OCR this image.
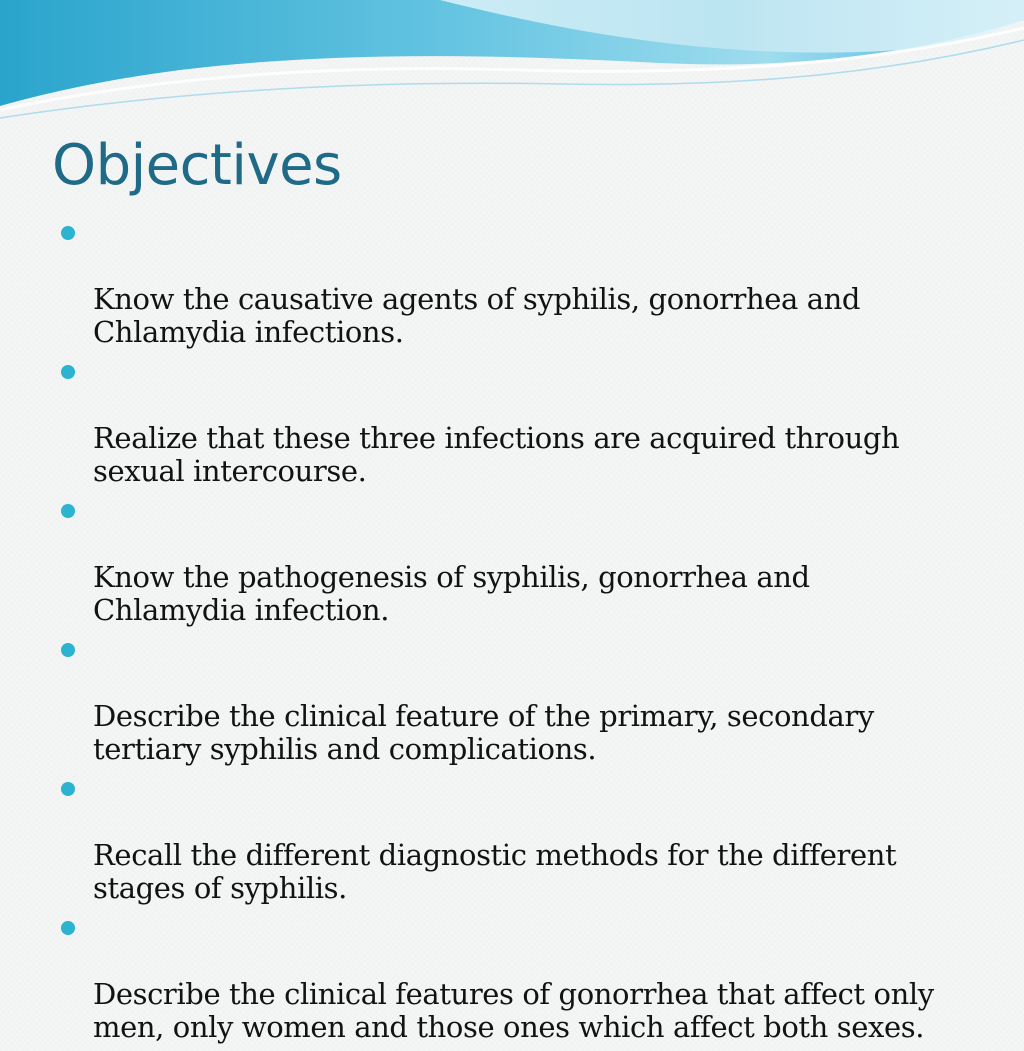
Objectives

Know the causative agents of syphilis, gonorrhea and
Chlamydia infections.

Realize that these three infections are acquired through
sexual intercourse.

Know the pathogenesis of syphilis, gonorrhea and
Chlamydia infection.

Describe the clinical feature of the primary, secondary
tertiary syphilis and complications.

Recall the different diagnostic methods for the different
stages of syphilis.

Describe the clinical features of gonorrhea that affect only
men, only women and those ones which affect both sexes.
